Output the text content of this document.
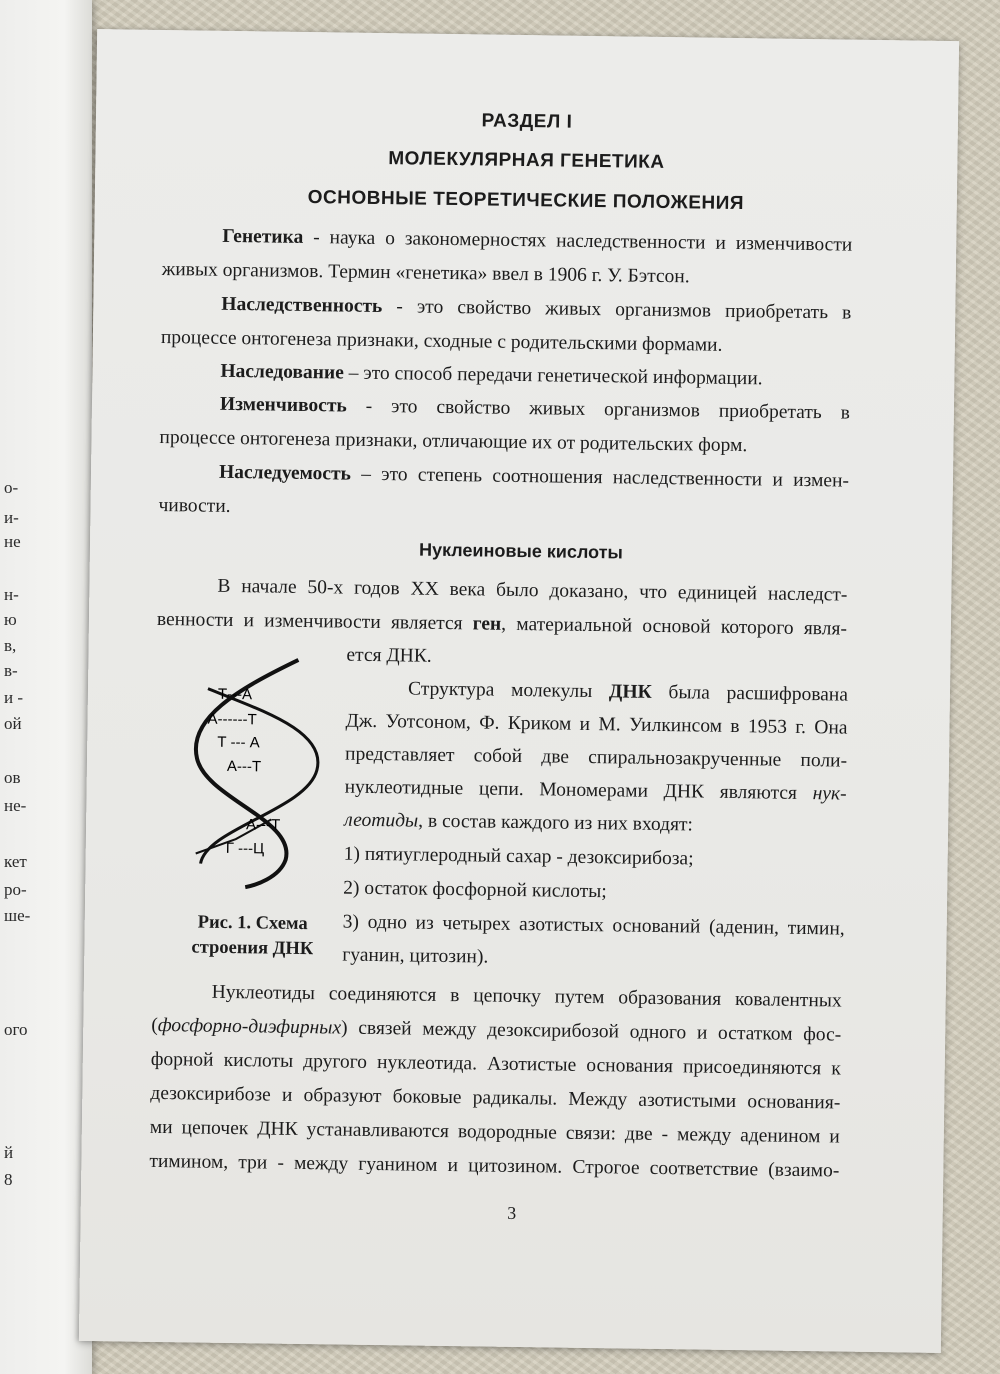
о-
и-
не
н-
ю
в,
в-
и -
ой
ов
не-
кет
ро-
ше-
ого
й
8
РАЗДЕЛ I
МОЛЕКУЛЯРНАЯ ГЕНЕТИКА
ОСНОВНЫЕ ТЕОРЕТИЧЕСКИЕ ПОЛОЖЕНИЯ
Генетика - наука о закономерностях наследственности и изменчивости
живых организмов. Термин «генетика» ввел в 1906 г. У. Бэтсон.
Наследственность - это свойство живых организмов приобретать в
процессе онтогенеза признаки, сходные с родительскими формами.
Наследование – это способ передачи генетической информации.
Изменчивость - это свойство живых организмов приобретать в
процессе онтогенеза признаки, отличающие их от родительских форм.
Наследуемость – это степень соотношения наследственности и измен-
чивости.
Нуклеиновые кислоты
В начале 50-х годов XX века было доказано, что единицей наследст-
венности и изменчивости является ген, материальной основой которого явля-
ется ДНК.
Структура молекулы ДНК была расшифрована
Дж. Уотсоном, Ф. Криком и М. Уилкинсом в 1953 г. Она
представляет собой две спиральнозакрученные поли-
нуклеотидные цепи. Мономерами ДНК являются нук-
леотиды, в состав каждого из них входят:
1) пятиуглеродный сахар - дезоксирибоза;
2) остаток фосфорной кислоты;
3) одно из четырех азотистых оснований (аденин, тимин,
гуанин, цитозин).
Т---А
А------Т
Т --- А
А---Т
А---Т
Г ---Ц
Рис. 1. Схема
строения ДНК
Нуклеотиды соединяются в цепочку путем образования ковалентных
(фосфорно-диэфирных) связей между дезоксирибозой одного и остатком фос-
форной кислоты другого нуклеотида. Азотистые основания присоединяются к
дезоксирибозе и образуют боковые радикалы. Между азотистыми основания-
ми цепочек ДНК устанавливаются водородные связи: две - между аденином и
тимином, три - между гуанином и цитозином. Строгое соответствие (взаимо-
3
